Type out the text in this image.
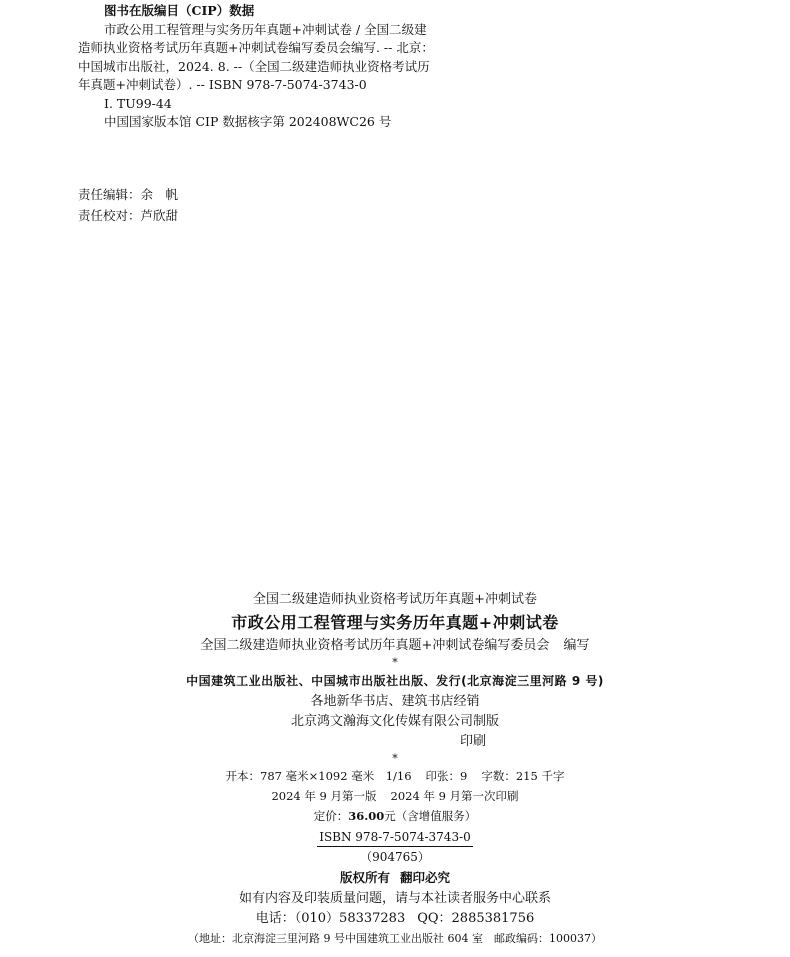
图书在版编目（CIP）数据

市政公用工程管理与实务历年真题+冲刺试卷 / 全国二级建造师执业资格考试历年真题+冲刺试卷编写委员会编写. -- 北京：中国城市出版社，2024. 8. --（全国二级建造师执业资格考试历年真题+冲刺试卷）. -- ISBN 978-7-5074-3743-0

Ⅰ. TU99-44
中国国家版本馆 CIP 数据核字第 202408WC26 号
责任编辑：余　帆
责任校对：芦欣甜
全国二级建造师执业资格考试历年真题+冲刺试卷
市政公用工程管理与实务历年真题+冲刺试卷
全国二级建造师执业资格考试历年真题+冲刺试卷编写委员会 编写
*
中国建筑工业出版社、中国城市出版社出版、发行(北京海淀三里河路 9 号)
各地新华书店、建筑书店经销
北京鸿文瀚海文化传媒有限公司制版
印刷
*
开本：787 毫米×1092 毫米　1/16 印张：9 字数：215 千字
2024 年 9 月第一版 2024 年 9 月第一次印刷
定价：36.00元（含增值服务）
ISBN 978-7-5074-3743-0
（904765）
版权所有 翻印必究
如有内容及印装质量问题，请与本社读者服务中心联系
电话：（010）58337283 QQ：2885381756
（地址：北京海淀三里河路 9 号中国建筑工业出版社 604 室　邮政编码：100037）
